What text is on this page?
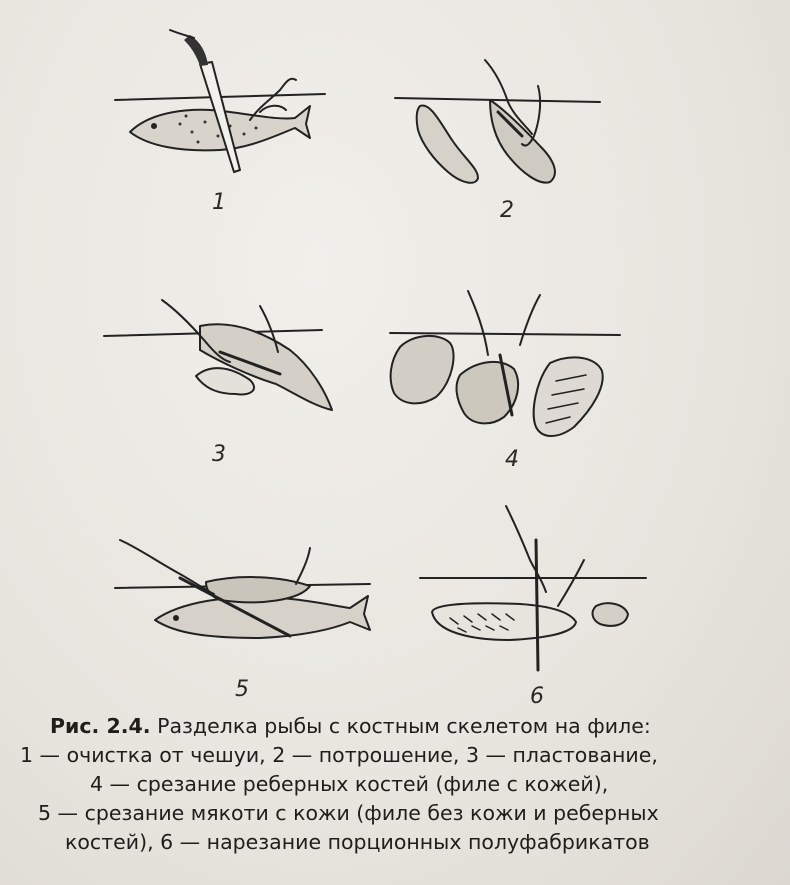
1	2
3	4
5	6
Рис. 2.4. Разделка рыбы с костным скелетом на филе:
1 — очистка от чешуи, 2 — потрошение, 3 — пластование,
4 — срезание реберных костей (филе с кожей),
5 — срезание мякоти с кожи (филе без кожи и реберных
костей), 6 — нарезание порционных полуфабрикатов
